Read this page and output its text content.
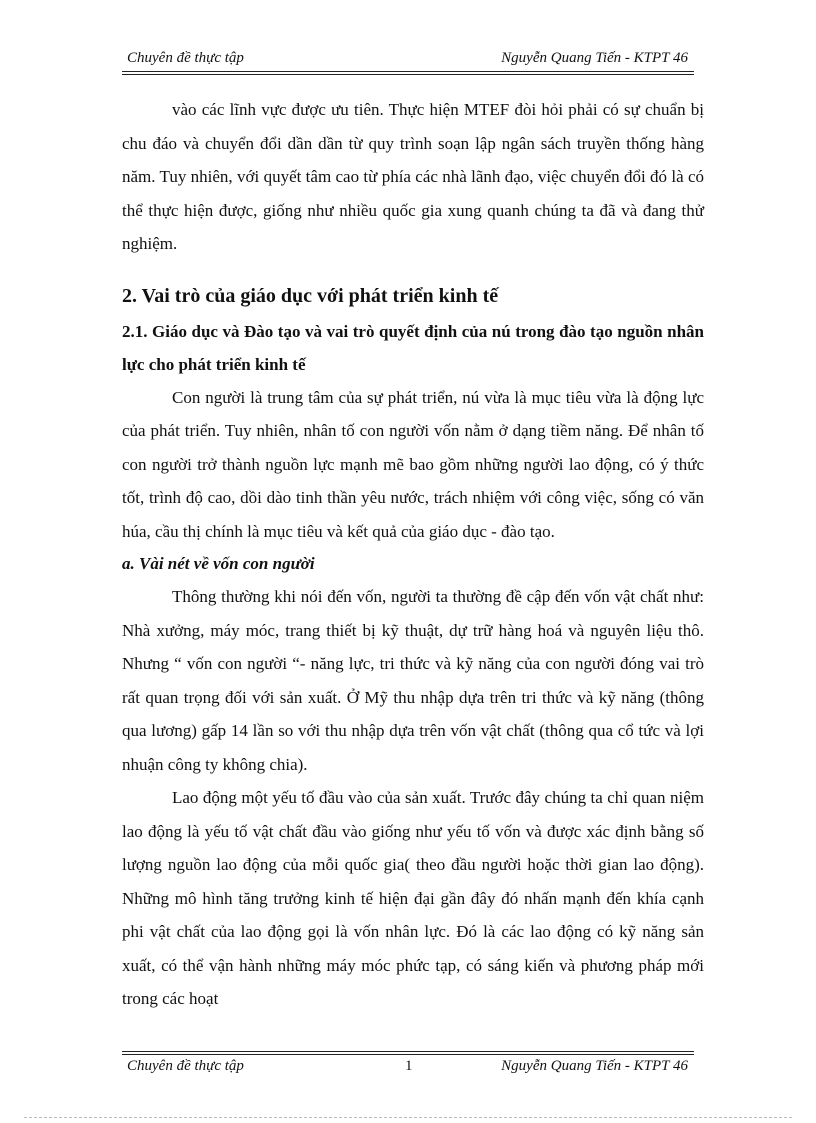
Chuyên đề thực tập	Nguyễn Quang Tiến - KTPT 46

vào các lĩnh vực được ưu tiên. Thực hiện MTEF đòi hỏi phải có sự chuẩn bị chu đáo và chuyển đổi dần dần từ quy trình soạn lập ngân sách truyền thống hàng năm. Tuy nhiên, với quyết tâm cao từ phía các nhà lãnh đạo, việc chuyển đổi đó là có thể thực hiện được, giống như nhiều quốc gia xung quanh chúng ta đã và đang thử nghiệm.

2. Vai trò của giáo dục với phát triển kinh tế
2.1. Giáo dục và Đào tạo và vai trò quyết định của nú trong đào tạo nguồn nhân lực cho phát triển kinh tế

Con người là trung tâm của sự phát triển, nú vừa là mục tiêu vừa là động lực của phát triển. Tuy nhiên, nhân tố con người vốn nằm ở dạng tiềm năng. Để nhân tố con người trở thành nguồn lực mạnh mẽ bao gồm những người lao động, có ý thức tốt, trình độ cao, dồi dào tinh thần yêu nước, trách nhiệm với công việc, sống có văn húa, cầu thị chính là mục tiêu và kết quả của giáo dục - đào tạo.

a. Vài nét về vốn con người

Thông thường khi nói đến vốn, người ta thường đề cập đến vốn vật chất như: Nhà xưởng, máy móc, trang thiết bị kỹ thuật, dự trữ hàng hoá và nguyên liệu thô. Nhưng “ vốn con người “- năng lực, tri thức và kỹ năng của con người đóng vai trò rất quan trọng đối với sản xuất. Ở Mỹ thu nhập dựa trên tri thức và kỹ năng (thông qua lương) gấp 14 lần so với thu nhập dựa trên vốn vật chất (thông qua cổ tức và lợi nhuận công ty không chia).

Lao động một yếu tố đầu vào của sản xuất. Trước đây chúng ta chỉ quan niệm lao động là yếu tố vật chất đầu vào giống như yếu tố vốn và được xác định bằng số lượng nguồn lao động của mỗi quốc gia( theo đầu người hoặc thời gian lao động). Những mô hình tăng trưởng kinh tế hiện đại gần đây đó nhấn mạnh đến khía cạnh phi vật chất của lao động gọi là vốn nhân lực. Đó là các lao động có kỹ năng sản xuất, có thể vận hành những máy móc phức tạp, có sáng kiến và phương pháp mới trong các hoạt

Chuyên đề thực tập	1	Nguyễn Quang Tiến - KTPT 46
